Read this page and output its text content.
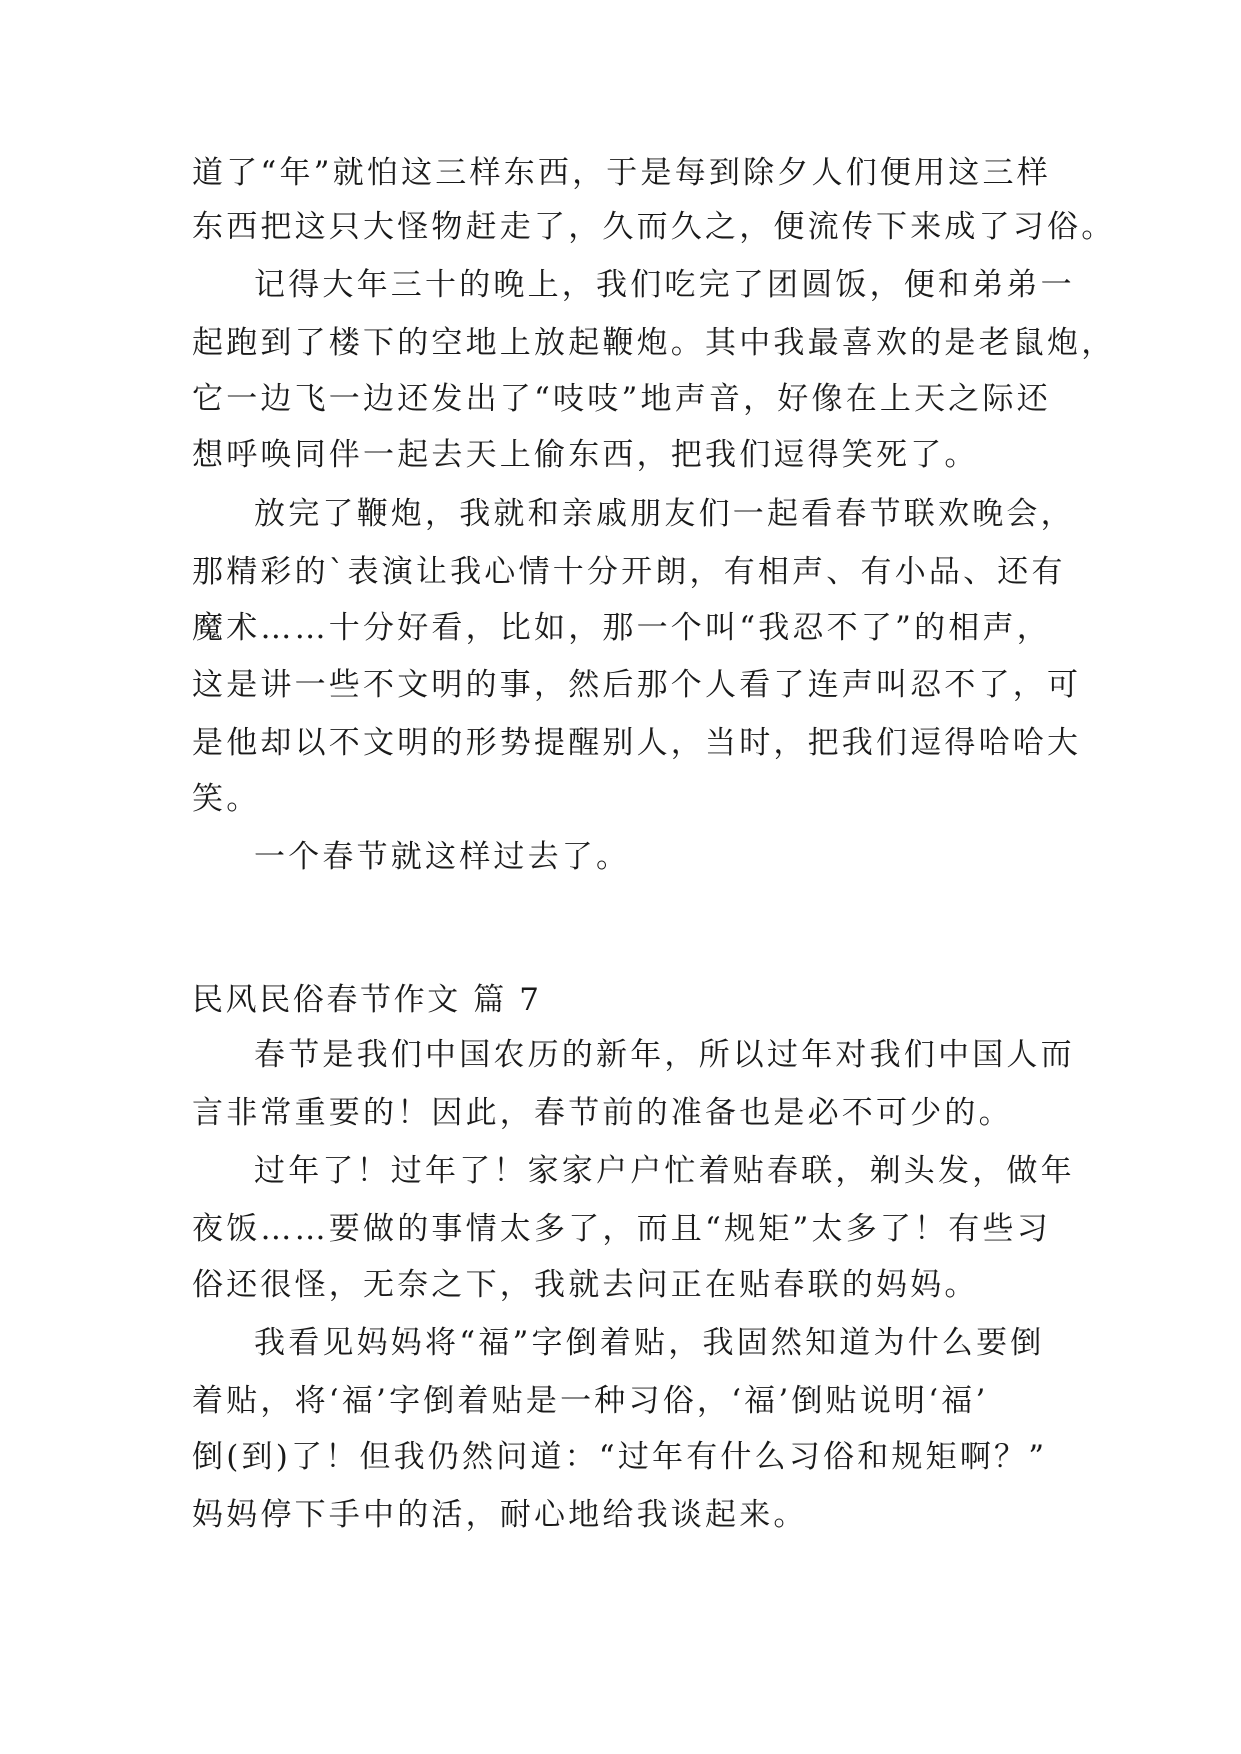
道了“年”就怕这三样东西，于是每到除夕人们便用这三样
东西把这只大怪物赶走了，久而久之，便流传下来成了习俗。
记得大年三十的晚上，我们吃完了团圆饭，便和弟弟一
起跑到了楼下的空地上放起鞭炮。其中我最喜欢的是老鼠炮，
它一边飞一边还发出了“吱吱”地声音，好像在上天之际还
想呼唤同伴一起去天上偷东西，把我们逗得笑死了。
放完了鞭炮，我就和亲戚朋友们一起看春节联欢晚会，
那精彩的`表演让我心情十分开朗，有相声、有小品、还有
魔术……十分好看，比如，那一个叫“我忍不了”的相声，
这是讲一些不文明的事，然后那个人看了连声叫忍不了，可
是他却以不文明的形势提醒别人，当时，把我们逗得哈哈大
笑。
一个春节就这样过去了。
民风民俗春节作文 篇 7
春节是我们中国农历的新年，所以过年对我们中国人而
言非常重要的！因此，春节前的准备也是必不可少的。
过年了！过年了！家家户户忙着贴春联，剃头发，做年
夜饭……要做的事情太多了，而且“规矩”太多了！有些习
俗还很怪，无奈之下，我就去问正在贴春联的妈妈。
我看见妈妈将“福”字倒着贴，我固然知道为什么要倒
着贴，将‘福’字倒着贴是一种习俗，‘福’倒贴说明‘福’
倒(到)了！但我仍然问道：“过年有什么习俗和规矩啊？”
妈妈停下手中的活，耐心地给我谈起来。
